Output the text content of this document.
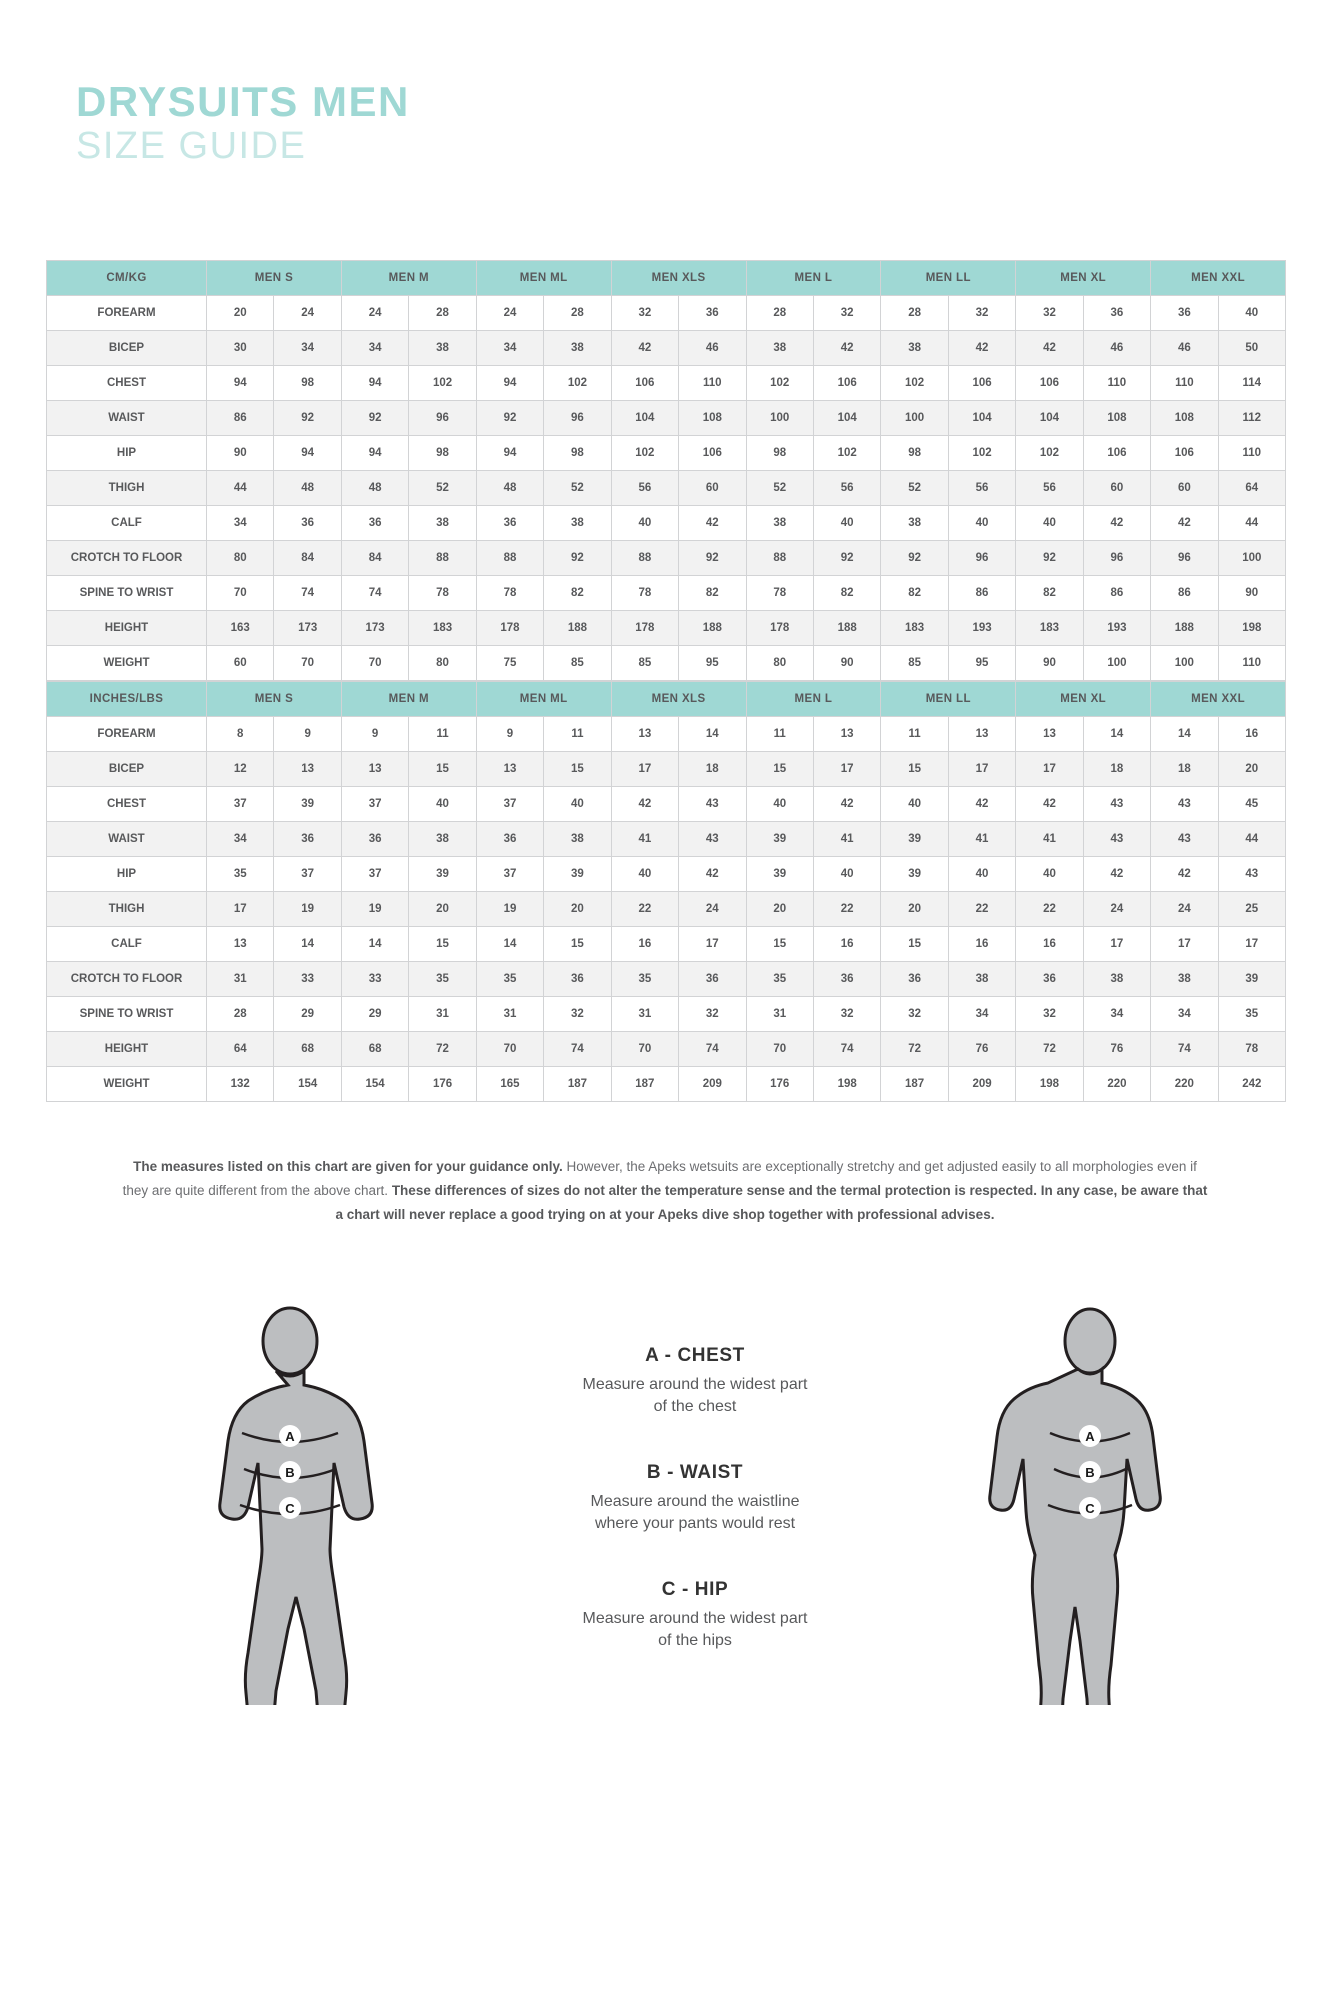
DRYSUITS MEN
SIZE GUIDE
CM/KG	MEN S		MEN M		MEN ML		MEN XLS		MEN L		MEN LL		MEN XL		MEN XXL	
FOREARM	20	24	24	28	24	28	32	36	28	32	28	32	32	36	36	40
BICEP	30	34	34	38	34	38	42	46	38	42	38	42	42	46	46	50
CHEST	94	98	94	102	94	102	106	110	102	106	102	106	106	110	110	114
WAIST	86	92	92	96	92	96	104	108	100	104	100	104	104	108	108	112
HIP	90	94	94	98	94	98	102	106	98	102	98	102	102	106	106	110
THIGH	44	48	48	52	48	52	56	60	52	56	52	56	56	60	60	64
CALF	34	36	36	38	36	38	40	42	38	40	38	40	40	42	42	44
CROTCH TO FLOOR	80	84	84	88	88	92	88	92	88	92	92	96	92	96	96	100
SPINE TO WRIST	70	74	74	78	78	82	78	82	78	82	82	86	82	86	86	90
HEIGHT	163	173	173	183	178	188	178	188	178	188	183	193	183	193	188	198
WEIGHT	60	70	70	80	75	85	85	95	80	90	85	95	90	100	100	110
INCHES/LBS	MEN S		MEN M		MEN ML		MEN XLS		MEN L		MEN LL		MEN XL		MEN XXL	
FOREARM	8	9	9	11	9	11	13	14	11	13	11	13	13	14	14	16
BICEP	12	13	13	15	13	15	17	18	15	17	15	17	17	18	18	20
CHEST	37	39	37	40	37	40	42	43	40	42	40	42	42	43	43	45
WAIST	34	36	36	38	36	38	41	43	39	41	39	41	41	43	43	44
HIP	35	37	37	39	37	39	40	42	39	40	39	40	40	42	42	43
THIGH	17	19	19	20	19	20	22	24	20	22	20	22	22	24	24	25
CALF	13	14	14	15	14	15	16	17	15	16	15	16	16	17	17	17
CROTCH TO FLOOR	31	33	33	35	35	36	35	36	35	36	36	38	36	38	38	39
SPINE TO WRIST	28	29	29	31	31	32	31	32	31	32	32	34	32	34	34	35
HEIGHT	64	68	68	72	70	74	70	74	70	74	72	76	72	76	74	78
WEIGHT	132	154	154	176	165	187	187	209	176	198	187	209	198	220	220	242
The measures listed on this chart are given for your guidance only. However, the Apeks wetsuits are exceptionally stretchy and get adjusted easily to all morphologies even if they are quite different from the above chart. These differences of sizes do not alter the temperature sense and the termal protection is respected. In any case, be aware that a chart will never replace a good trying on at your Apeks dive shop together with professional advises.
A
B
C
A
B
C
A - CHEST
Measure around the widest part
of the chest
B - WAIST
Measure around the waistline
where your pants would rest
C - HIP
Measure around the widest part
of the hips
